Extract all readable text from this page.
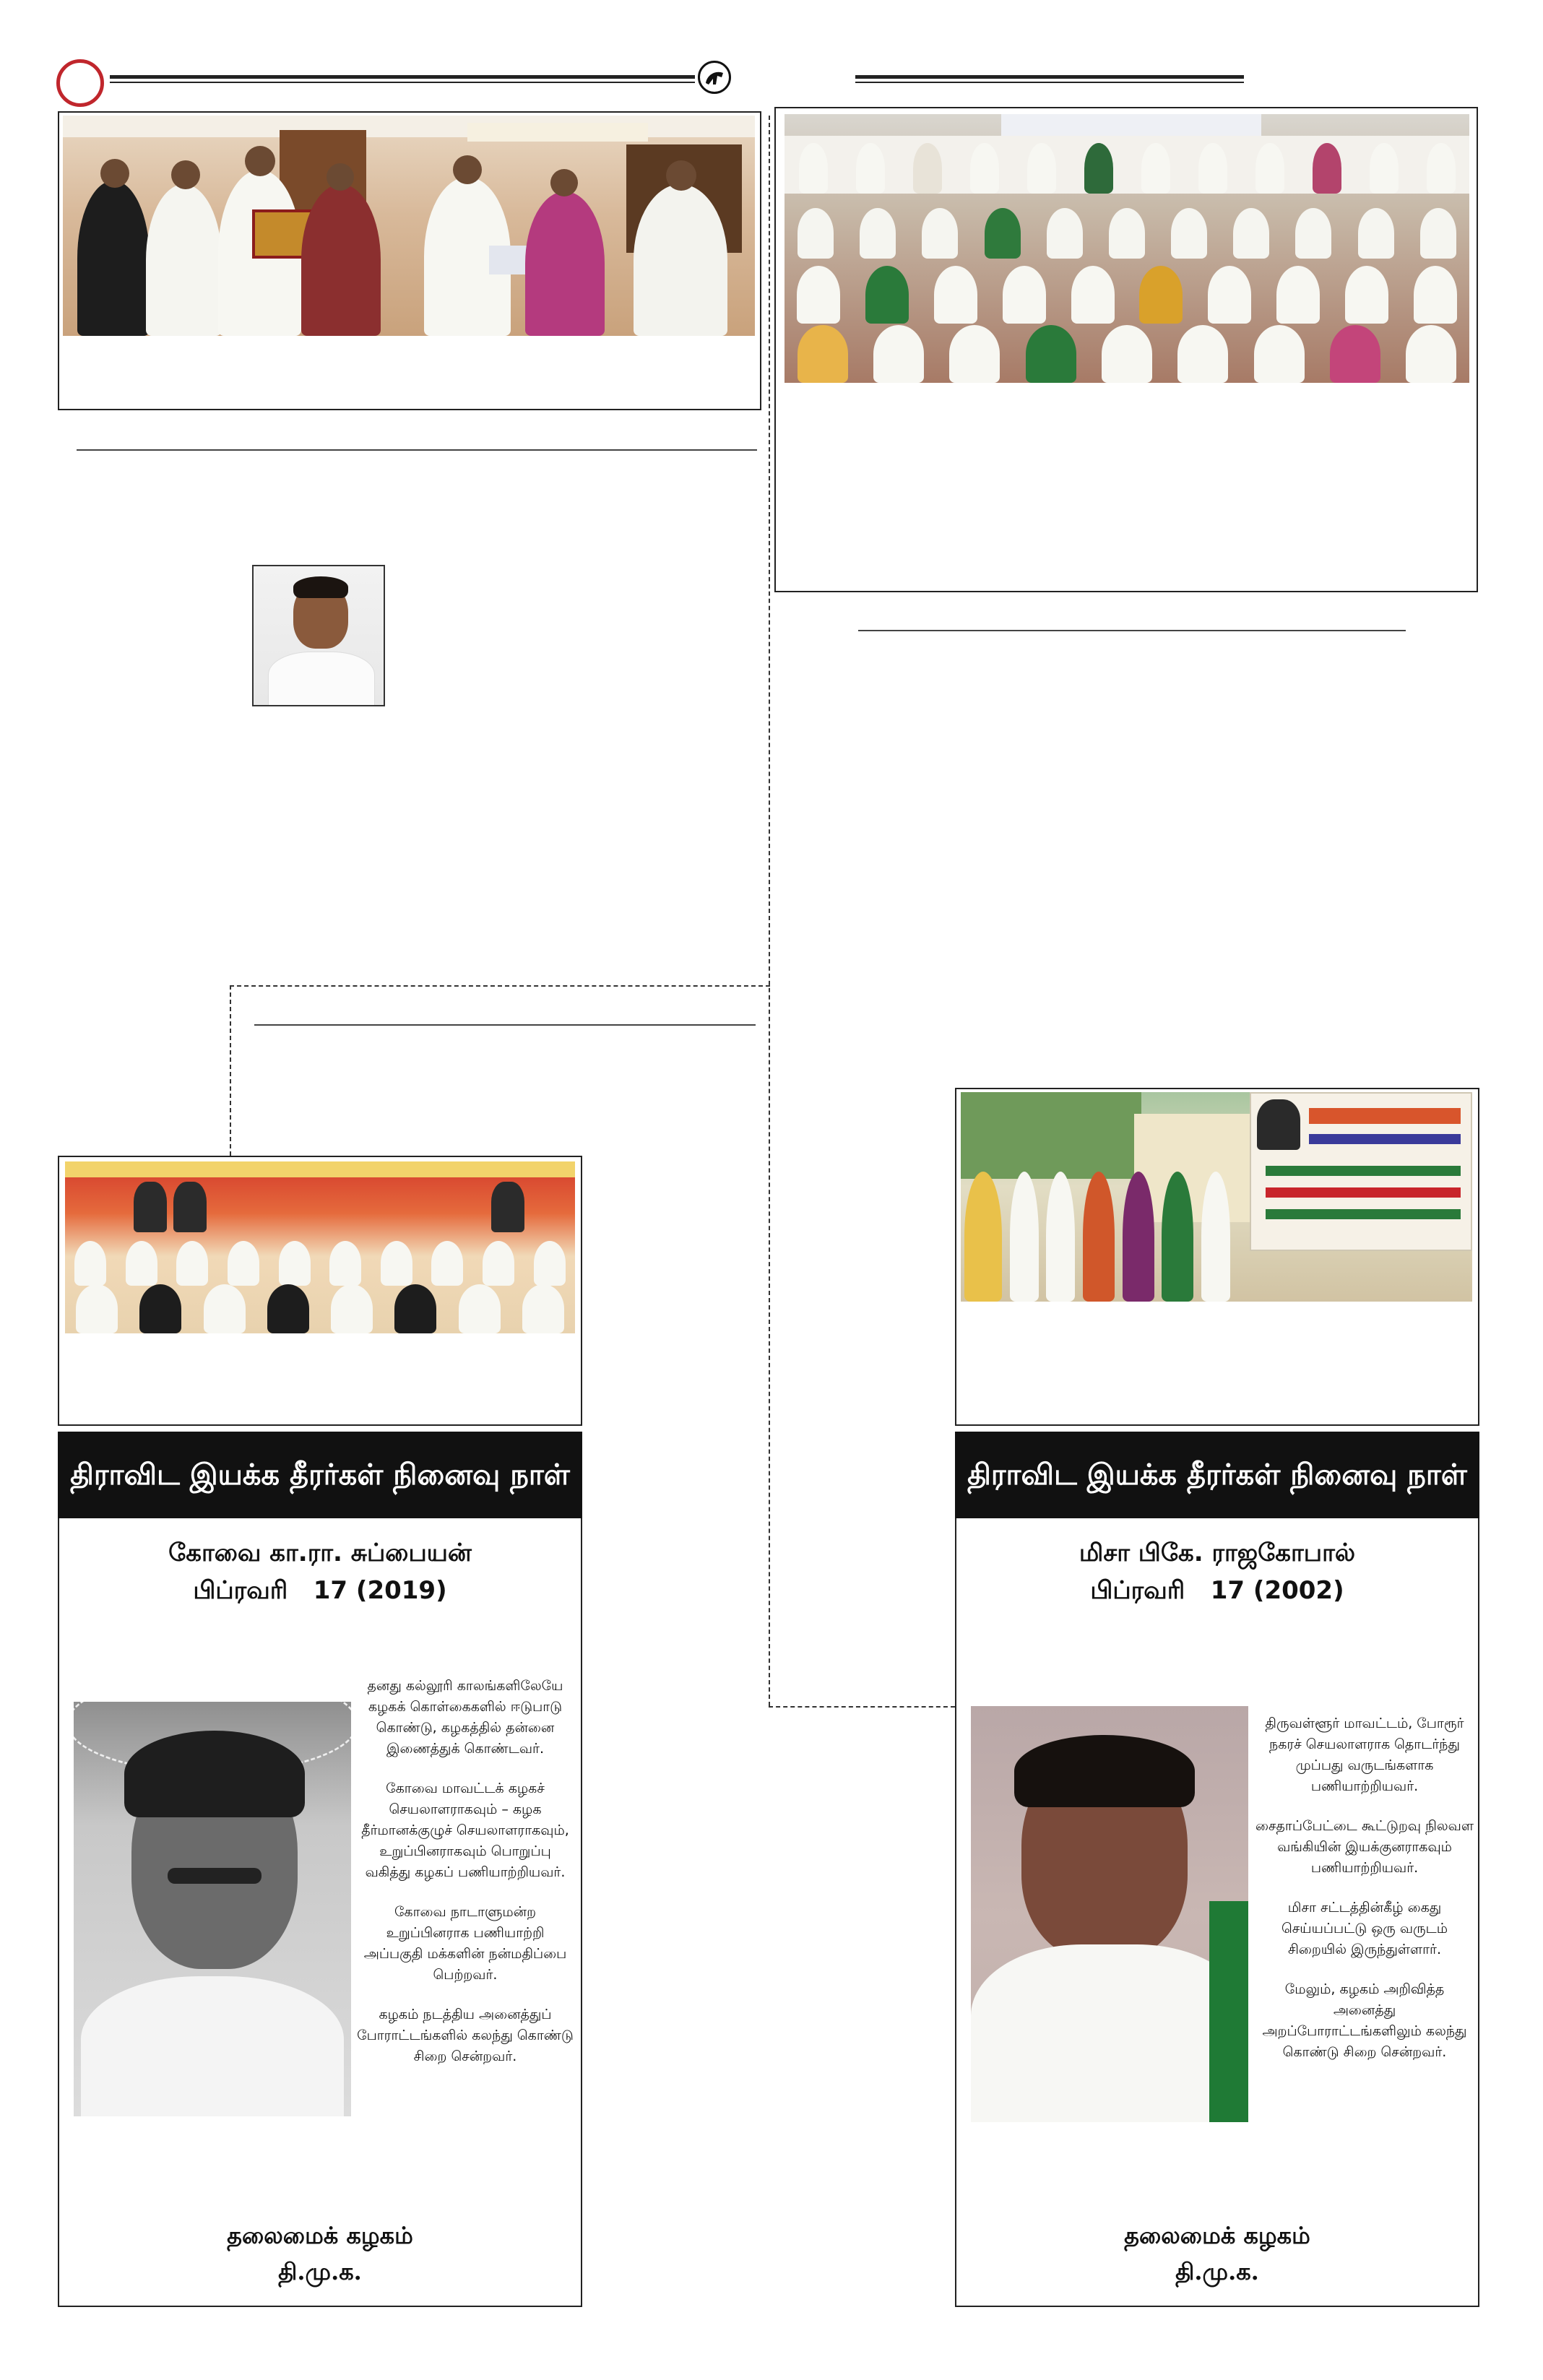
திராவிட இயக்க தீரர்கள் நினைவு நாள்
கோவை கா.ரா. சுப்பையன்
பிப்ரவரி   17 (2019)

தனது கல்லூரி காலங்களிலேயே கழகக் கொள்கைகளில் ஈடுபாடு கொண்டு, கழகத்தில் தன்னை இணைத்துக் கொண்டவர்.

கோவை மாவட்டக் கழகச் செயலாளராகவும் – கழக தீர்மானக்குழுச் செயலாளராகவும், உறுப்பினராகவும் பொறுப்பு வகித்து கழகப் பணியாற்றியவர்.

கோவை நாடாளுமன்ற உறுப்பினராக பணியாற்றி அப்பகுதி மக்களின் நன்மதிப்பை பெற்றவர்.

கழகம் நடத்திய அனைத்துப் போராட்டங்களில் கலந்து கொண்டு சிறை சென்றவர்.

தலைமைக் கழகம்
தி.மு.க.
திராவிட இயக்க தீரர்கள் நினைவு நாள்
மிசா பிகே. ராஜகோபால்
பிப்ரவரி   17 (2002)

திருவள்ளூர் மாவட்டம், போரூர் நகரச் செயலாளராக தொடர்ந்து முப்பது வருடங்களாக பணியாற்றியவர்.

சைதாப்பேட்டை கூட்டுறவு நிலவள வங்கியின் இயக்குனராகவும் பணியாற்றியவர்.

மிசா சட்டத்தின்கீழ் கைது செய்யப்பட்டு ஒரு வருடம் சிறையில் இருந்துள்ளார்.

மேலும், கழகம் அறிவித்த அனைத்து அறப்போராட்டங்களிலும் கலந்து கொண்டு சிறை சென்றவர்.

தலைமைக் கழகம்
தி.மு.க.
